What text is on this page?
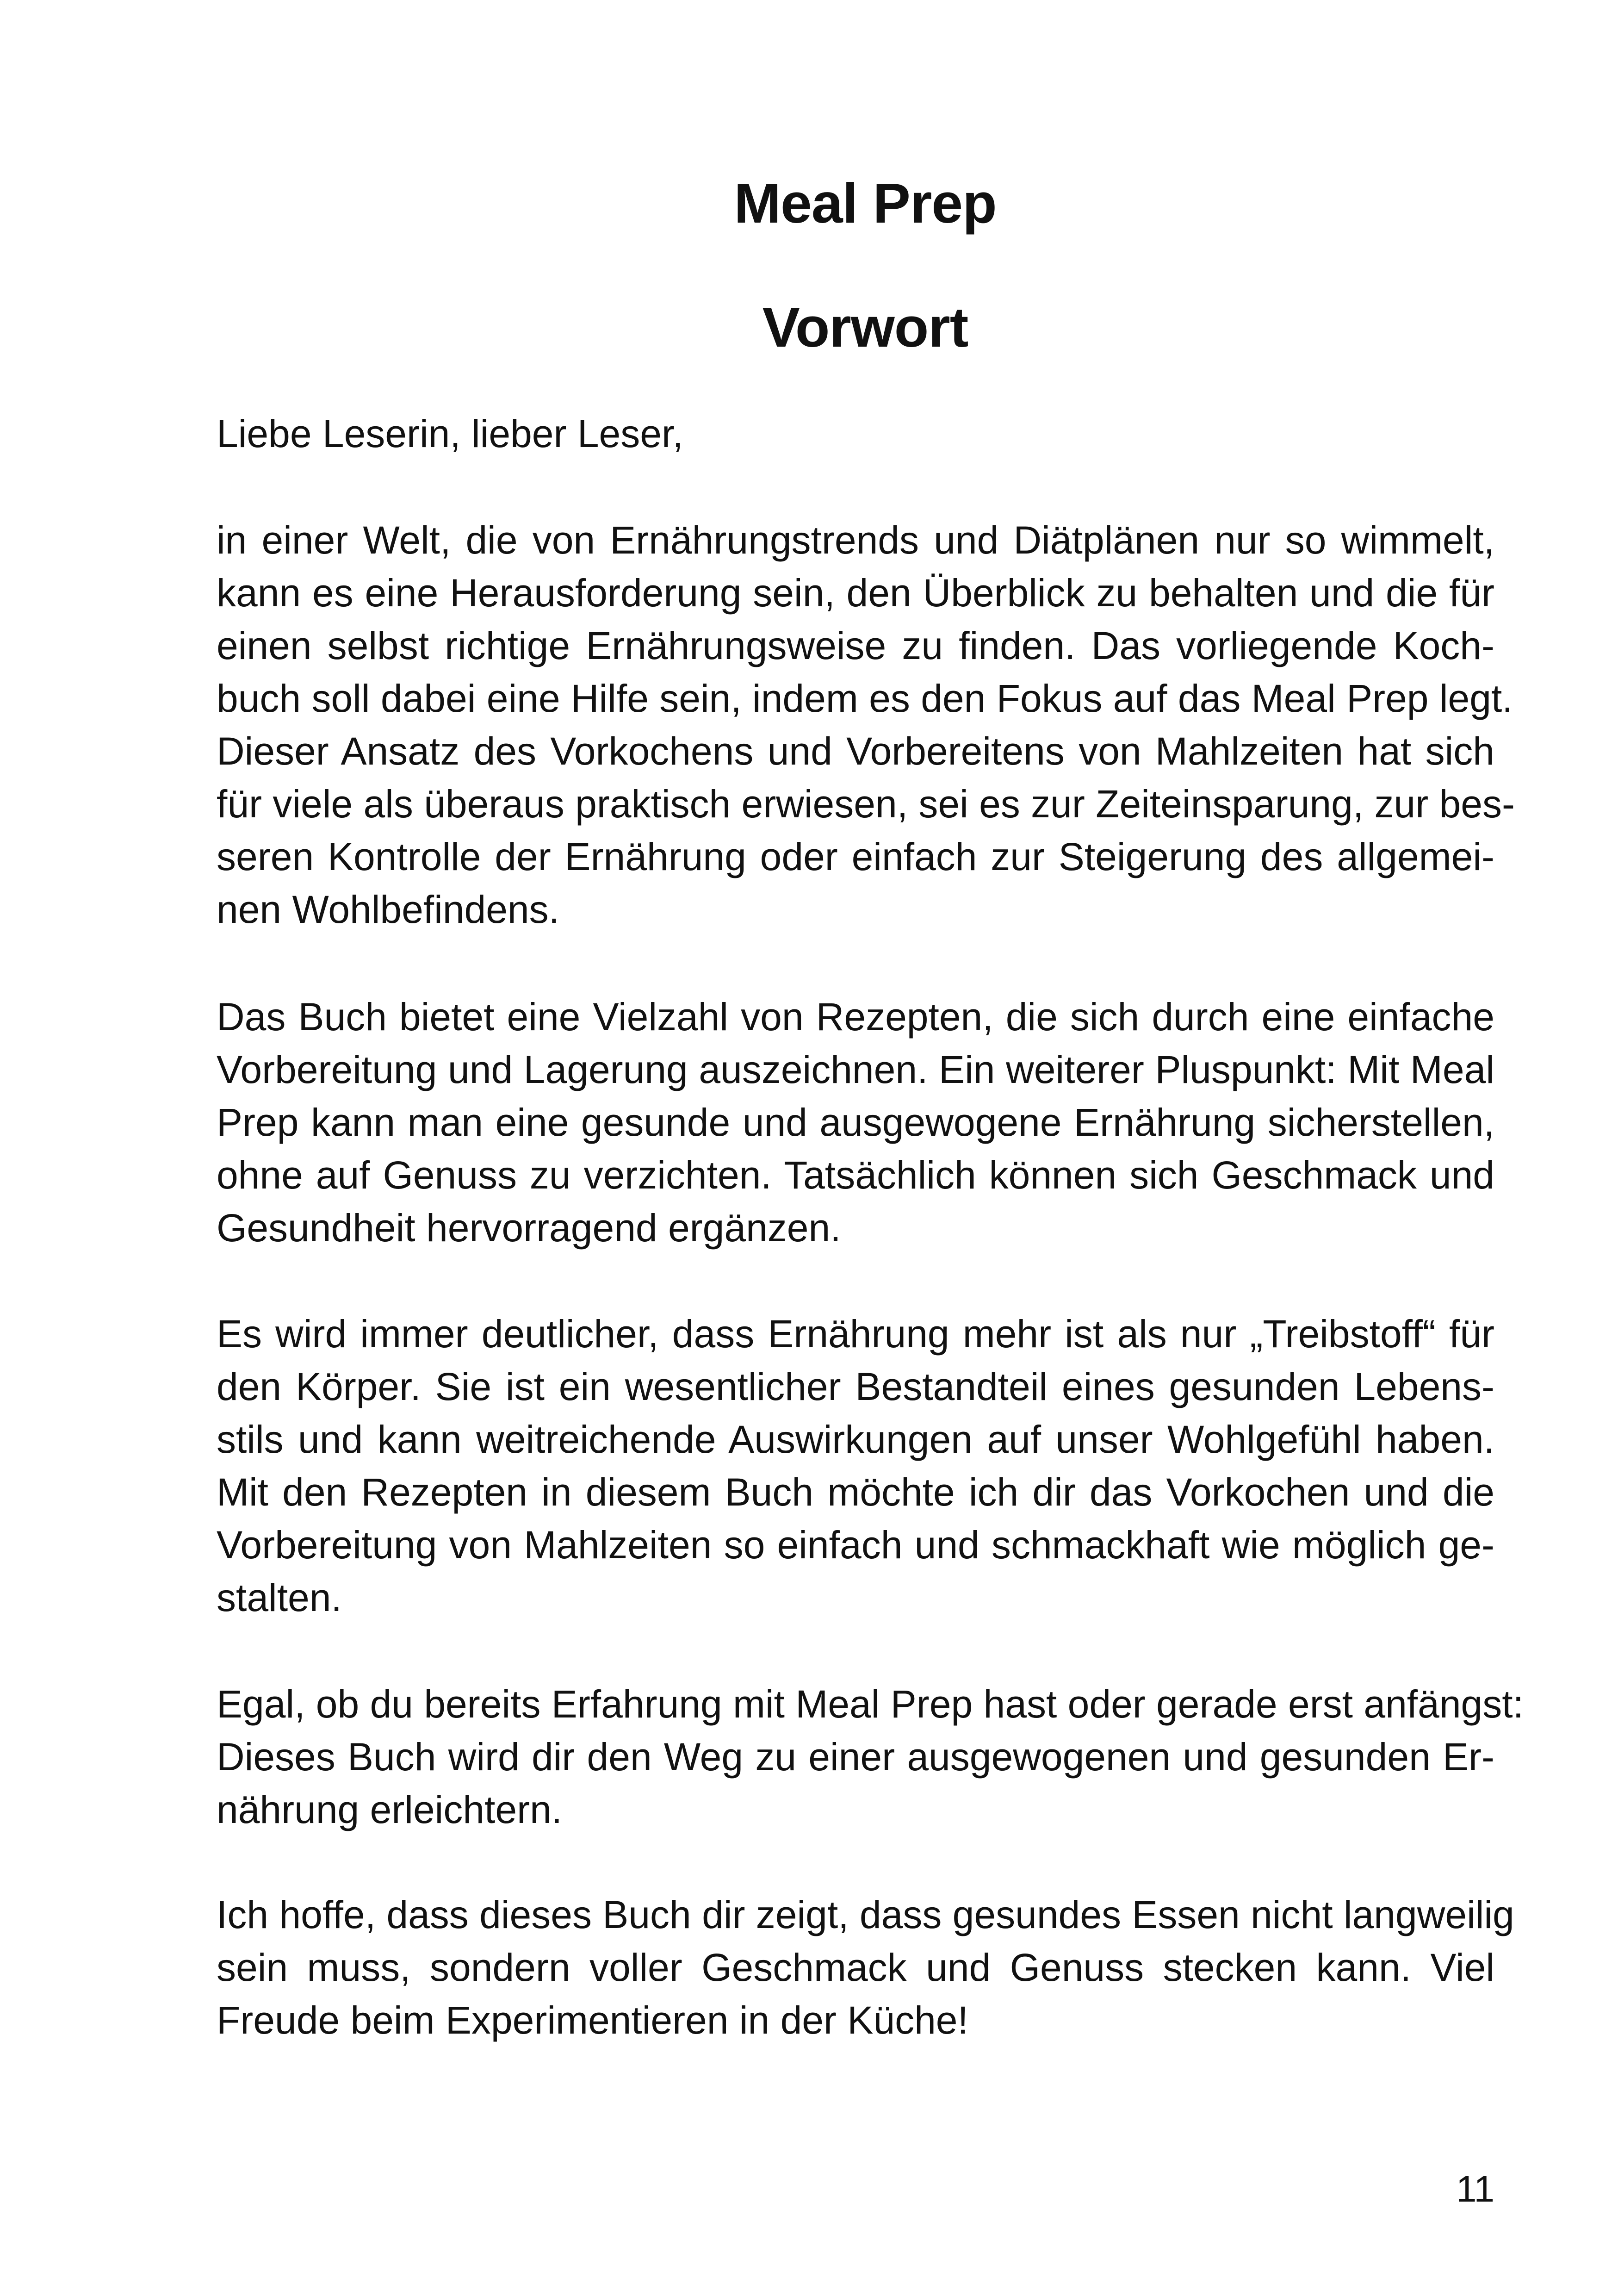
Meal Prep
Vorwort
Liebe Leserin, lieber Leser,
in einer Welt, die von Ernährungstrends und Diätplänen nur so wimmelt,
kann es eine Herausforderung sein, den Überblick zu behalten und die für
einen selbst richtige Ernährungsweise zu finden. Das vorliegende Koch-
buch soll dabei eine Hilfe sein, indem es den Fokus auf das Meal Prep legt.
Dieser Ansatz des Vorkochens und Vorbereitens von Mahlzeiten hat sich
für viele als überaus praktisch erwiesen, sei es zur Zeiteinsparung, zur bes-
seren Kontrolle der Ernährung oder einfach zur Steigerung des allgemei-
nen Wohlbefindens.
Das Buch bietet eine Vielzahl von Rezepten, die sich durch eine einfache
Vorbereitung und Lagerung auszeichnen. Ein weiterer Pluspunkt: Mit Meal
Prep kann man eine gesunde und ausgewogene Ernährung sicherstellen,
ohne auf Genuss zu verzichten. Tatsächlich können sich Geschmack und
Gesundheit hervorragend ergänzen.
Es wird immer deutlicher, dass Ernährung mehr ist als nur „Treibstoff“ für
den Körper. Sie ist ein wesentlicher Bestandteil eines gesunden Lebens-
stils und kann weitreichende Auswirkungen auf unser Wohlgefühl haben.
Mit den Rezepten in diesem Buch möchte ich dir das Vorkochen und die
Vorbereitung von Mahlzeiten so einfach und schmackhaft wie möglich ge-
stalten.
Egal, ob du bereits Erfahrung mit Meal Prep hast oder gerade erst anfängst:
Dieses Buch wird dir den Weg zu einer ausgewogenen und gesunden Er-
nährung erleichtern.
Ich hoffe, dass dieses Buch dir zeigt, dass gesundes Essen nicht langweilig
sein muss, sondern voller Geschmack und Genuss stecken kann. Viel
Freude beim Experimentieren in der Küche!
11
